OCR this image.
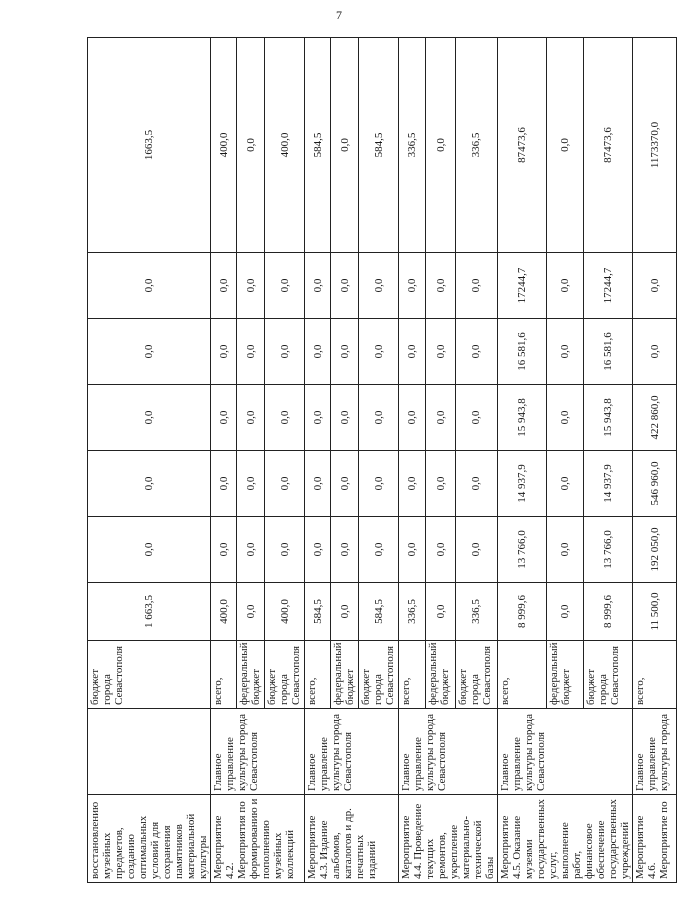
7
восстановлению музейных предметов, созданию оптимальных условий для сохранения памятников материальной культуры		бюджет города Севастополя	1 663,5	0,0	0,0	0,0	0,0	0,0	1663,5
Мероприятие 4.2. Мероприятия по формированию и пополнению музейных коллекций	Главное управление культуры города Севастополя	всего,	400,0	0,0	0,0	0,0	0,0	0,0	400,0
		федеральный бюджет	0,0	0,0	0,0	0,0	0,0	0,0	0,0
		бюджет города Севастополя	400,0	0,0	0,0	0,0	0,0	0,0	400,0
Мероприятие 4.3. Издание альбомов, каталогов и др. печатных изданий	Главное управление культуры города Севастополя	всего,	584,5	0,0	0,0	0,0	0,0	0,0	584,5
		федеральный бюджет	0,0	0,0	0,0	0,0	0,0	0,0	0,0
		бюджет города Севастополя	584,5	0,0	0,0	0,0	0,0	0,0	584,5
Мероприятие 4.4. Проведение текущих ремонтов, укрепление материально-технической базы	Главное управление культуры города Севастополя	всего,	336,5	0,0	0,0	0,0	0,0	0,0	336,5
		федеральный бюджет	0,0	0,0	0,0	0,0	0,0	0,0	0,0
		бюджет города Севастополя	336,5	0,0	0,0	0,0	0,0	0,0	336,5
Мероприятие 4.5. Оказание музеями государственных услуг, выполнение работ, финансовое обеспечение государственных учреждений	Главное управление культуры города Севастополя	всего,	8 999,6	13 766,0	14 937,9	15 943,8	16 581,6	17244,7	87473,6
		федеральный бюджет	0,0	0,0	0,0	0,0	0,0	0,0	0,0
		бюджет города Севастополя	8 999,6	13 766,0	14 937,9	15 943,8	16 581,6	17244,7	87473,6
Мероприятие 4.6. Мероприятие по	Главное управление культуры города	всего,	11 500,0	192 050,0	546 960,0	422 860,0	0,0	0,0	1173370,0
